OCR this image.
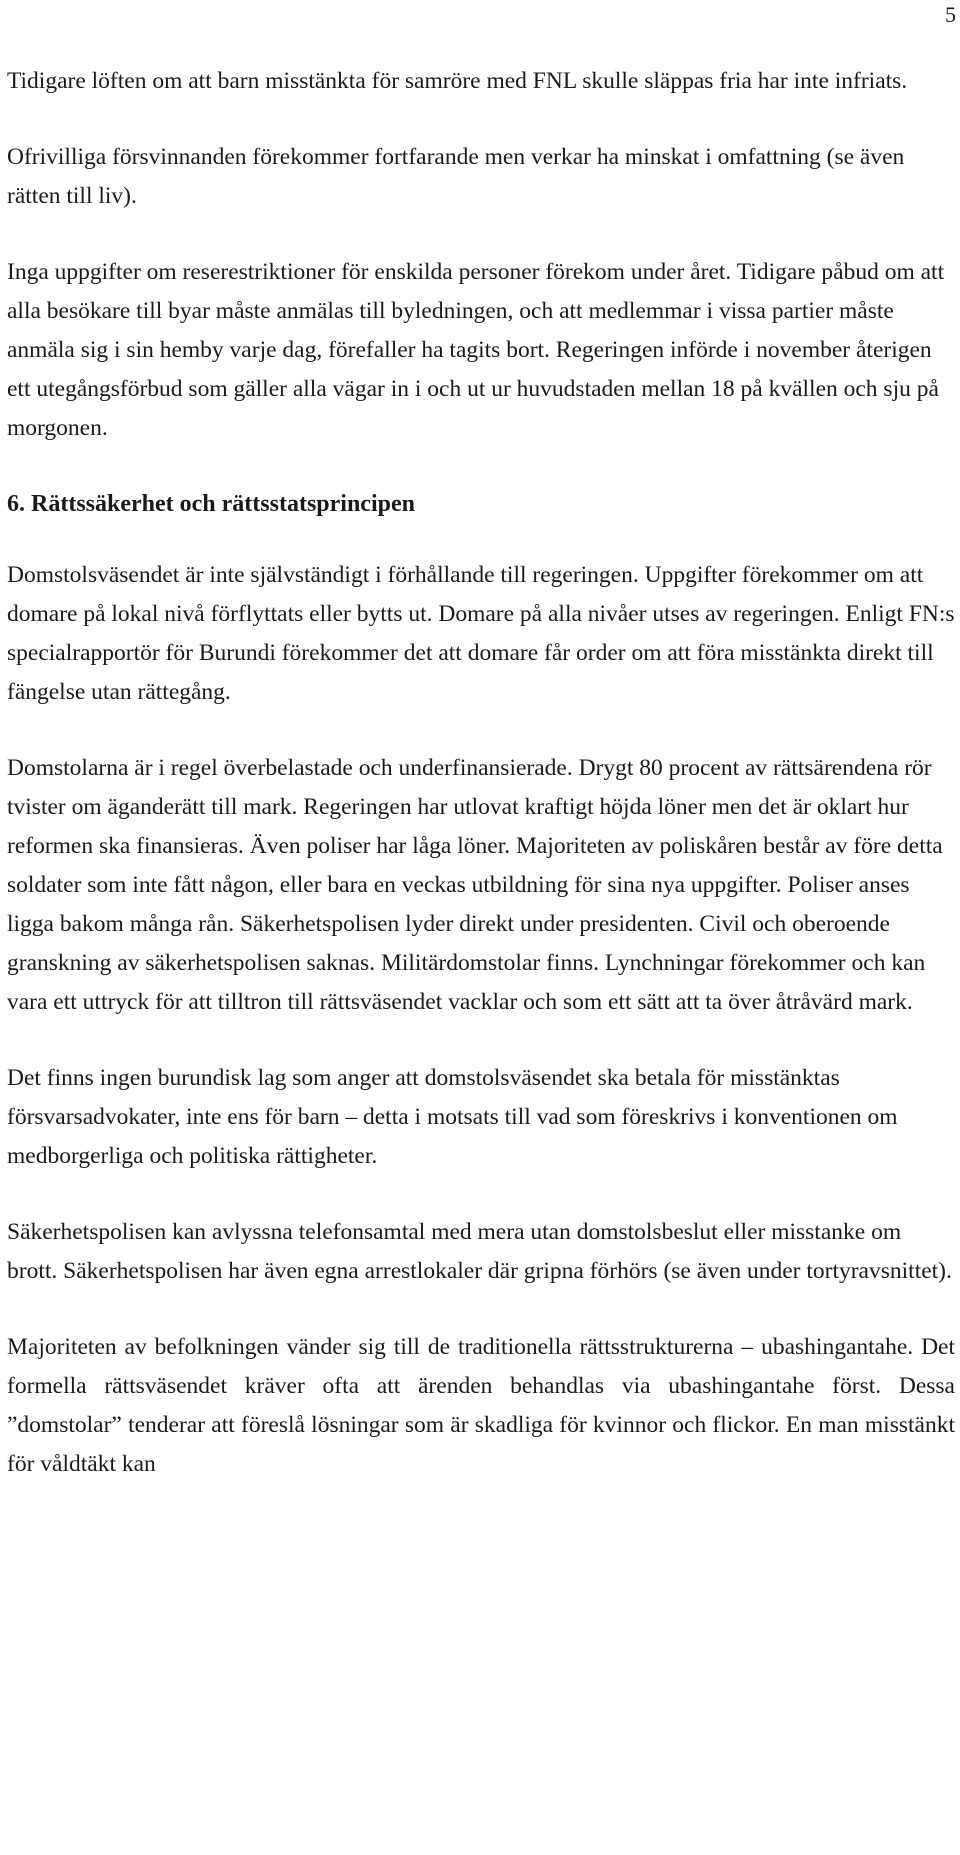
5

Tidigare löften om att barn misstänkta för samröre med FNL skulle släppas fria har inte infriats.

Ofrivilliga försvinnanden förekommer fortfarande men verkar ha minskat i omfattning (se även rätten till liv).

Inga uppgifter om reserestriktioner för enskilda personer förekom under året. Tidigare påbud om att alla besökare till byar måste anmälas till byledningen, och att medlemmar i vissa partier måste anmäla sig i sin hemby varje dag, förefaller ha tagits bort. Regeringen införde i november återigen ett utegångsförbud som gäller alla vägar in i och ut ur huvudstaden mellan 18 på kvällen och sju på morgonen.

6. Rättssäkerhet och rättsstatsprincipen

Domstolsväsendet är inte självständigt i förhållande till regeringen. Uppgifter förekommer om att domare på lokal nivå förflyttats eller bytts ut. Domare på alla nivåer utses av regeringen. Enligt FN:s specialrapportör för Burundi förekommer det att domare får order om att föra misstänkta direkt till fängelse utan rättegång.

Domstolarna är i regel överbelastade och underfinansierade. Drygt 80 procent av rättsärendena rör tvister om äganderätt till mark. Regeringen har utlovat kraftigt höjda löner men det är oklart hur reformen ska finansieras. Även poliser har låga löner. Majoriteten av poliskåren består av före detta soldater som inte fått någon, eller bara en veckas utbildning för sina nya uppgifter. Poliser anses ligga bakom många rån. Säkerhetspolisen lyder direkt under presidenten. Civil och oberoende granskning av säkerhetspolisen saknas. Militärdomstolar finns. Lynchningar förekommer och kan vara ett uttryck för att tilltron till rättsväsendet vacklar och som ett sätt att ta över åtråvärd mark.

Det finns ingen burundisk lag som anger att domstolsväsendet ska betala för misstänktas försvarsadvokater, inte ens för barn – detta i motsats till vad som föreskrivs i konventionen om medborgerliga och politiska rättigheter.

Säkerhetspolisen kan avlyssna telefonsamtal med mera utan domstolsbeslut eller misstanke om brott. Säkerhetspolisen har även egna arrestlokaler där gripna förhörs (se även under tortyravsnittet).

Majoriteten av befolkningen vänder sig till de traditionella rättsstrukturerna – ubashingantahe. Det formella rättsväsendet kräver ofta att ärenden behandlas via ubashingantahe först. Dessa ”domstolar” tenderar att föreslå lösningar som är skadliga för kvinnor och flickor. En man misstänkt för våldtäkt kan
